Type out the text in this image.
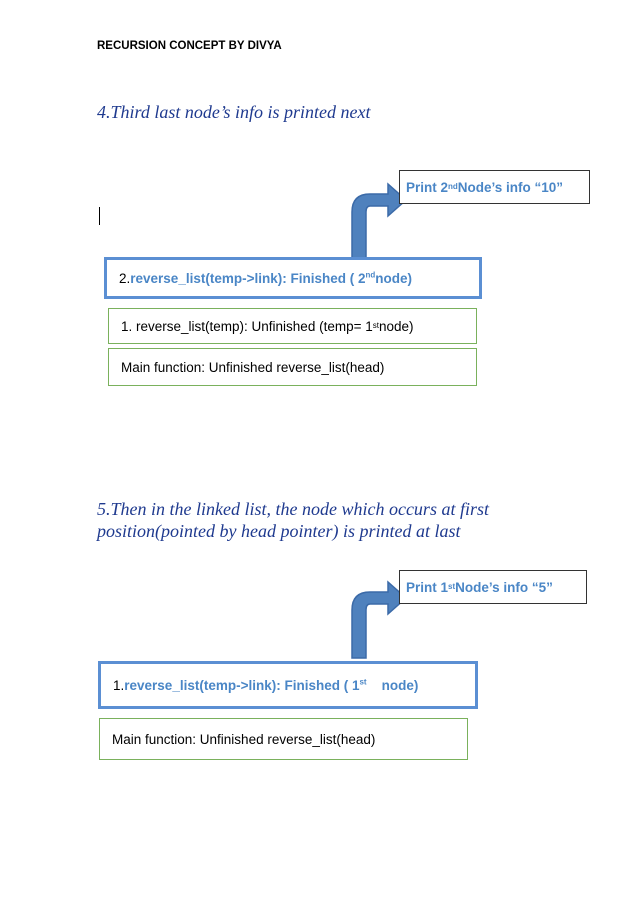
RECURSION CONCEPT BY DIVYA
4.Third last node’s info is printed next
Print 2 nd Node’s info “10”
2. reverse_list(temp->link): Finished ( 2 $^{nd}$ node)
1. reverse_list(temp): Unfinished (temp= 1 st node)
Main function: Unfinished reverse_list(head)
5.Then in the linked list, the node which occurs at first
position(pointed by head pointer) is printed at last
Print 1 st Node’s info “5”
1. reverse_list(temp->link): Finished ( 1 $^{st}$ node)
Main function: Unfinished reverse_list(head)
